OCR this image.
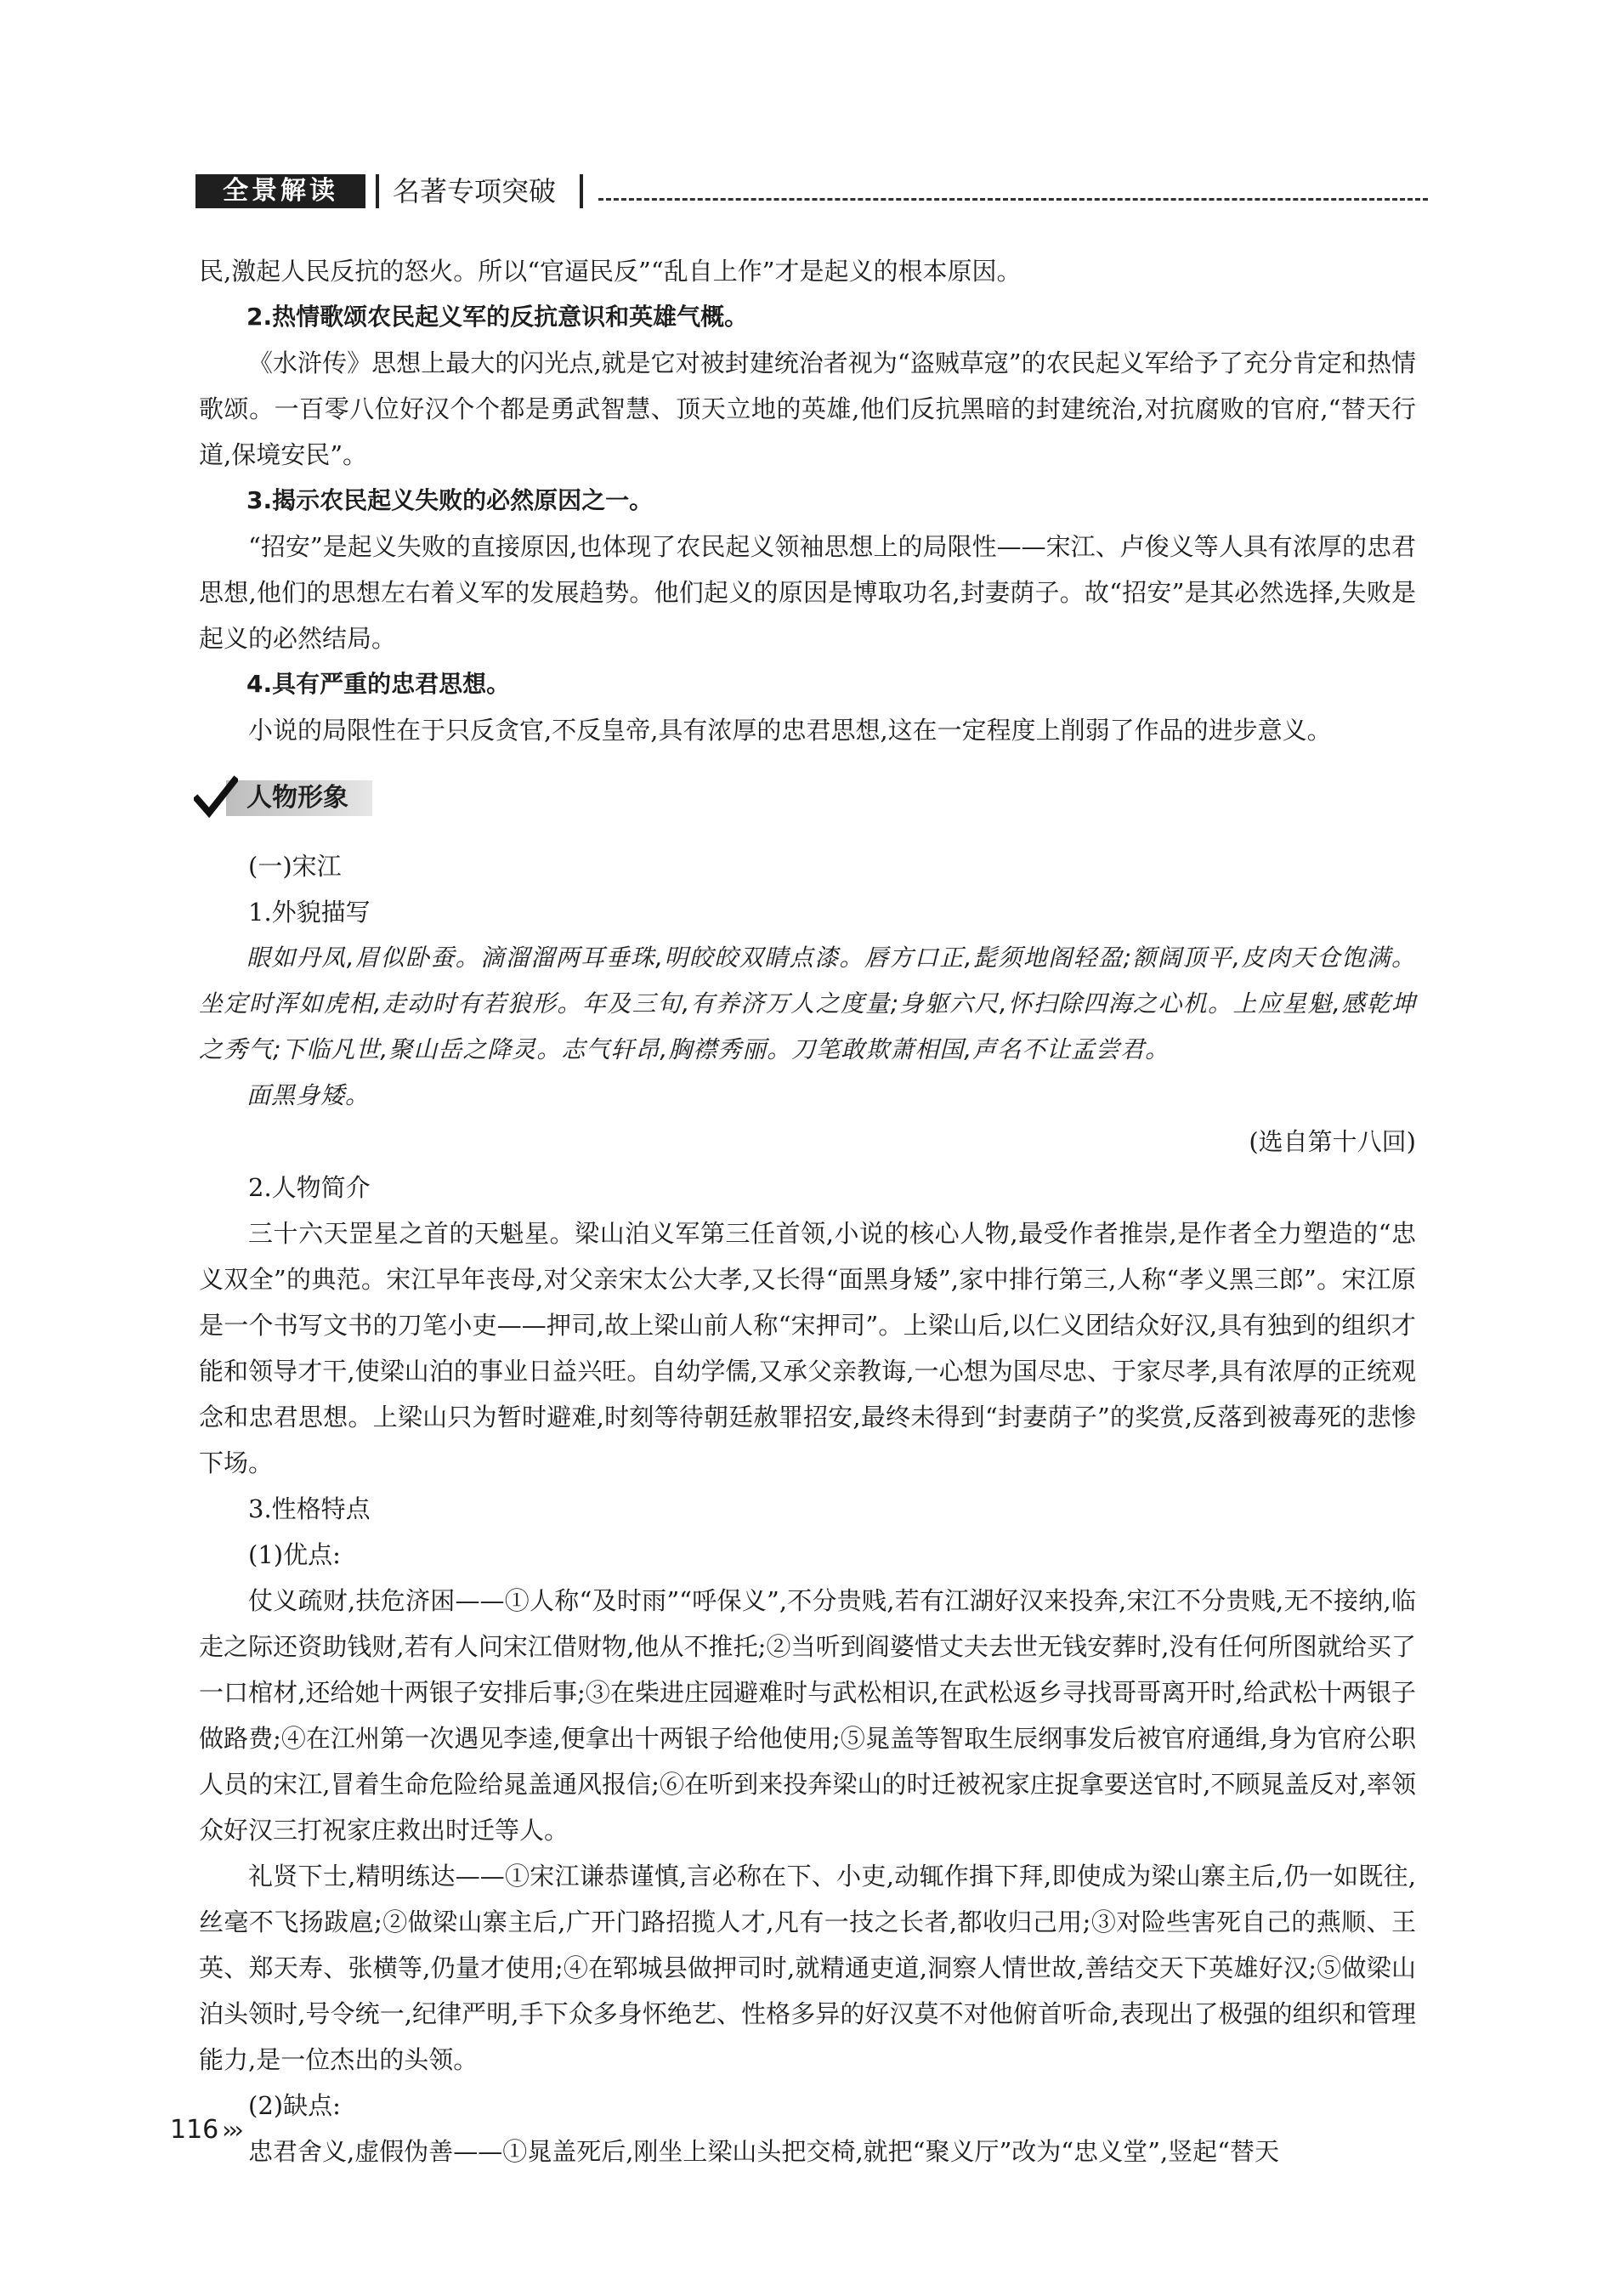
全景解读	名著专项突破

民,激起人民反抗的怒火。所以“官逼民反”“乱自上作”才是起义的根本原因。

2.热情歌颂农民起义军的反抗意识和英雄气概。

《水浒传》思想上最大的闪光点,就是它对被封建统治者视为“盗贼草寇”的农民起义军给予了充分肯定和热情歌颂。一百零八位好汉个个都是勇武智慧、顶天立地的英雄,他们反抗黑暗的封建统治,对抗腐败的官府,“替天行道,保境安民”。

3.揭示农民起义失败的必然原因之一。

“招安”是起义失败的直接原因,也体现了农民起义领袖思想上的局限性——宋江、卢俊义等人具有浓厚的忠君思想,他们的思想左右着义军的发展趋势。他们起义的原因是博取功名,封妻荫子。故“招安”是其必然选择,失败是起义的必然结局。

4.具有严重的忠君思想。

小说的局限性在于只反贪官,不反皇帝,具有浓厚的忠君思想,这在一定程度上削弱了作品的进步意义。

人物形象

(一)宋江

1.外貌描写

眼如丹凤,眉似卧蚕。滴溜溜两耳垂珠,明皎皎双睛点漆。唇方口正,髭须地阁轻盈;额阔顶平,皮肉天仓饱满。坐定时浑如虎相,走动时有若狼形。年及三旬,有养济万人之度量;身躯六尺,怀扫除四海之心机。上应星魁,感乾坤之秀气;下临凡世,聚山岳之降灵。志气轩昂,胸襟秀丽。刀笔敢欺萧相国,声名不让孟尝君。

面黑身矮。

(选自第十八回)

2.人物简介

三十六天罡星之首的天魁星。梁山泊义军第三任首领,小说的核心人物,最受作者推崇,是作者全力塑造的“忠义双全”的典范。宋江早年丧母,对父亲宋太公大孝,又长得“面黑身矮”,家中排行第三,人称“孝义黑三郎”。宋江原是一个书写文书的刀笔小吏——押司,故上梁山前人称“宋押司”。上梁山后,以仁义团结众好汉,具有独到的组织才能和领导才干,使梁山泊的事业日益兴旺。自幼学儒,又承父亲教诲,一心想为国尽忠、于家尽孝,具有浓厚的正统观念和忠君思想。上梁山只为暂时避难,时刻等待朝廷赦罪招安,最终未得到“封妻荫子”的奖赏,反落到被毒死的悲惨下场。

3.性格特点

(1)优点:

仗义疏财,扶危济困——①人称“及时雨”“呼保义”,不分贵贱,若有江湖好汉来投奔,宋江不分贵贱,无不接纳,临走之际还资助钱财,若有人问宋江借财物,他从不推托;②当听到阎婆惜丈夫去世无钱安葬时,没有任何所图就给买了一口棺材,还给她十两银子安排后事;③在柴进庄园避难时与武松相识,在武松返乡寻找哥哥离开时,给武松十两银子做路费;④在江州第一次遇见李逵,便拿出十两银子给他使用;⑤晁盖等智取生辰纲事发后被官府通缉,身为官府公职人员的宋江,冒着生命危险给晁盖通风报信;⑥在听到来投奔梁山的时迁被祝家庄捉拿要送官时,不顾晁盖反对,率领众好汉三打祝家庄救出时迁等人。

礼贤下士,精明练达——①宋江谦恭谨慎,言必称在下、小吏,动辄作揖下拜,即使成为梁山寨主后,仍一如既往,丝毫不飞扬跋扈;②做梁山寨主后,广开门路招揽人才,凡有一技之长者,都收归己用;③对险些害死自己的燕顺、王英、郑天寿、张横等,仍量才使用;④在郓城县做押司时,就精通吏道,洞察人情世故,善结交天下英雄好汉;⑤做梁山泊头领时,号令统一,纪律严明,手下众多身怀绝艺、性格多异的好汉莫不对他俯首听命,表现出了极强的组织和管理能力,是一位杰出的头领。

(2)缺点:

忠君舍义,虚假伪善——①晁盖死后,刚坐上梁山头把交椅,就把“聚义厅”改为“忠义堂”,竖起“替天

116 ›››
